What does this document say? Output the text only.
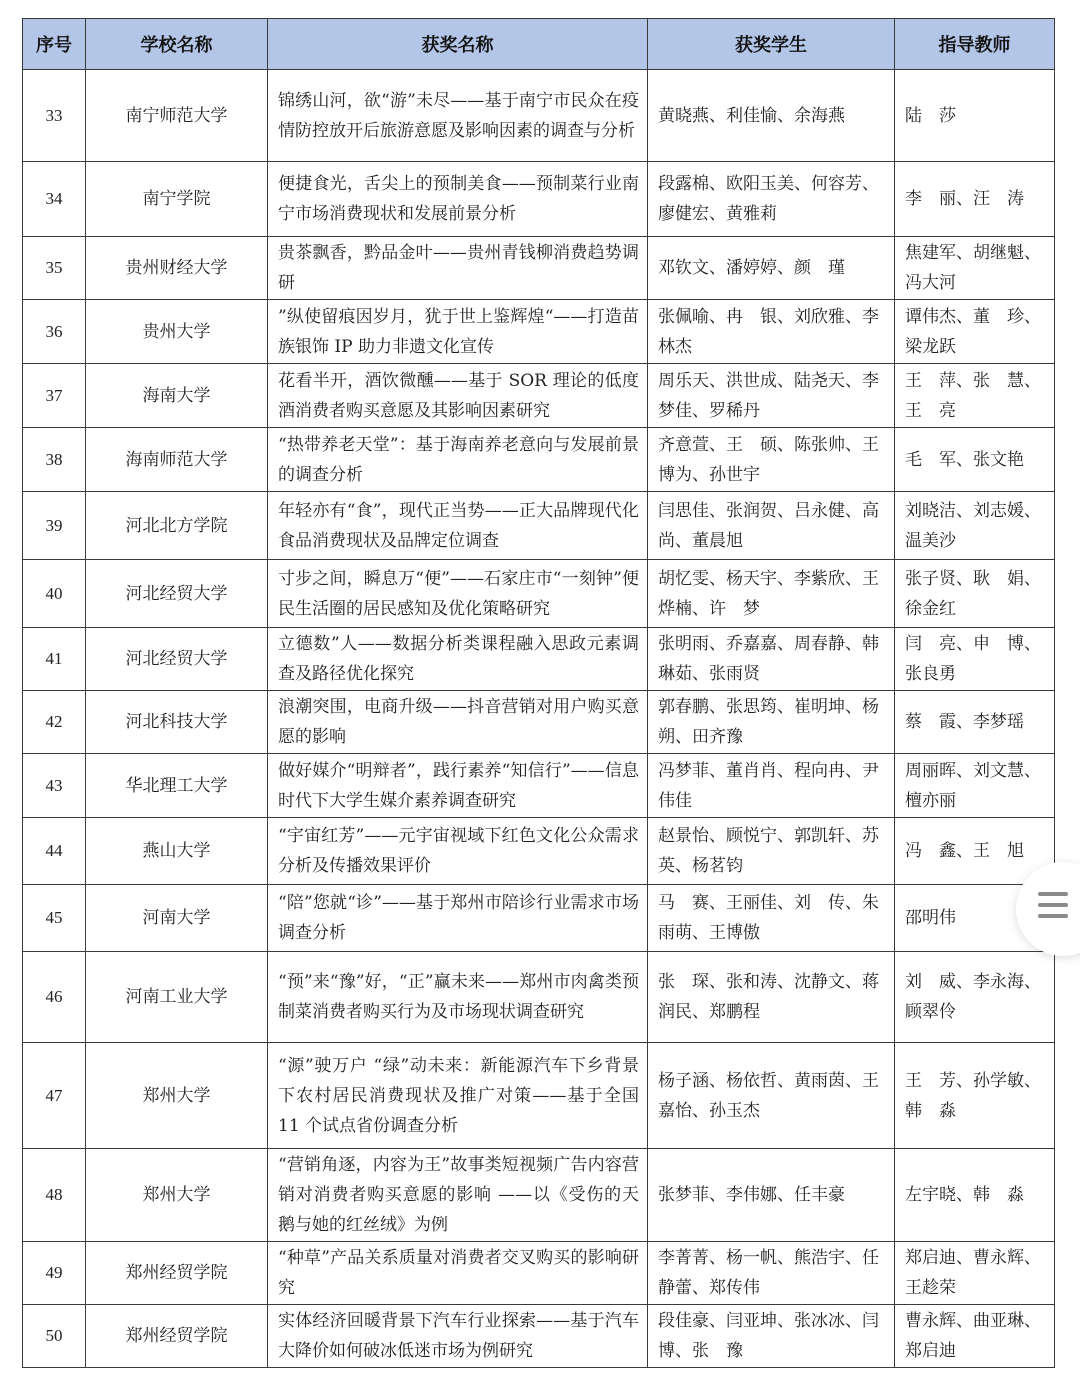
序号	学校名称	获奖名称	获奖学生	指导教师
33	南宁师范大学	锦绣山河，欲“游”未尽——基于南宁市民众在疫情防控放开后旅游意愿及影响因素的调查与分析	黄晓燕、利佳愉、余海燕	陆　莎
34	南宁学院	便捷食光，舌尖上的预制美食——预制菜行业南宁市场消费现状和发展前景分析	段露棉、欧阳玉美、何容芳、廖健宏、黄雅莉	李　丽、汪　涛
35	贵州财经大学	贵茶飘香，黔品金叶——贵州青钱柳消费趋势调研	邓钦文、潘婷婷、颜　瑾	焦建军、胡继魁、冯大河
36	贵州大学	”纵使留痕因岁月，犹于世上鉴辉煌“——打造苗族银饰 IP 助力非遗文化宣传	张佩喻、冉　银、刘欣雅、李林杰	谭伟杰、董　珍、梁龙跃
37	海南大学	花看半开，酒饮微醺——基于 SOR 理论的低度酒消费者购买意愿及其影响因素研究	周乐天、洪世成、陆尧天、李梦佳、罗稀丹	王　萍、张　慧、王　亮
38	海南师范大学	“热带养老天堂”：基于海南养老意向与发展前景的调查分析	齐意萱、王　硕、陈张帅、王博为、孙世宇	毛　军、张文艳
39	河北北方学院	年轻亦有“食”，现代正当势——正大品牌现代化食品消费现状及品牌定位调查	闫思佳、张润贺、吕永健、高　尚、董晨旭	刘晓洁、刘志媛、温美沙
40	河北经贸大学	寸步之间，瞬息万“便”——石家庄市“一刻钟”便民生活圈的居民感知及优化策略研究	胡忆雯、杨天宇、李紫欣、王烨楠、许　梦	张子贤、耿　娟、徐金红
41	河北经贸大学	立德数”人——数据分析类课程融入思政元素调查及路径优化探究	张明雨、乔嘉嘉、周春静、韩琳茹、张雨贤	闫　亮、申　博、张良勇
42	河北科技大学	浪潮突围，电商升级——抖音营销对用户购买意愿的影响	郭春鹏、张思筠、崔明坤、杨　朔、田齐豫	蔡　霞、李梦瑶
43	华北理工大学	做好媒介“明辩者”，践行素养“知信行”——信息时代下大学生媒介素养调查研究	冯梦菲、董肖肖、程向冉、尹伟佳	周丽晖、刘文慧、檀亦丽
44	燕山大学	“宇宙红芳”——元宇宙视域下红色文化公众需求分析及传播效果评价	赵景怡、顾悦宁、郭凯轩、苏　英、杨茗钧	冯　鑫、王　旭
45	河南大学	“陪”您就“诊”——基于郑州市陪诊行业需求市场调查分析	马　赛、王丽佳、刘　传、朱雨萌、王博傲	邵明伟
46	河南工业大学	“预”来“豫”好，“正”赢未来——郑州市肉禽类预制菜消费者购买行为及市场现状调查研究	张　琛、张和涛、沈静文、蒋润民、郑鹏程	刘　威、李永海、顾翠伶
47	郑州大学	“源”驶万户 “绿”动未来：新能源汽车下乡背景下农村居民消费现状及推广对策——基于全国 11 个试点省份调查分析	杨子涵、杨依哲、黄雨茵、王嘉怡、孙玉杰	王　芳、孙学敏、韩　淼
48	郑州大学	“营销角逐，内容为王”故事类短视频广告内容营销对消费者购买意愿的影响 ——以《受伤的天鹅与她的红丝绒》为例	张梦菲、李伟娜、任丰豪	左宇晓、韩　淼
49	郑州经贸学院	“种草”产品关系质量对消费者交叉购买的影响研究	李菁菁、杨一帆、熊浩宇、任静蕾、郑传伟	郑启迪、曹永辉、王趁荣
50	郑州经贸学院	实体经济回暖背景下汽车行业探索——基于汽车大降价如何破冰低迷市场为例研究	段佳豪、闫亚坤、张冰冰、闫　博、张　豫	曹永辉、曲亚琳、郑启迪
